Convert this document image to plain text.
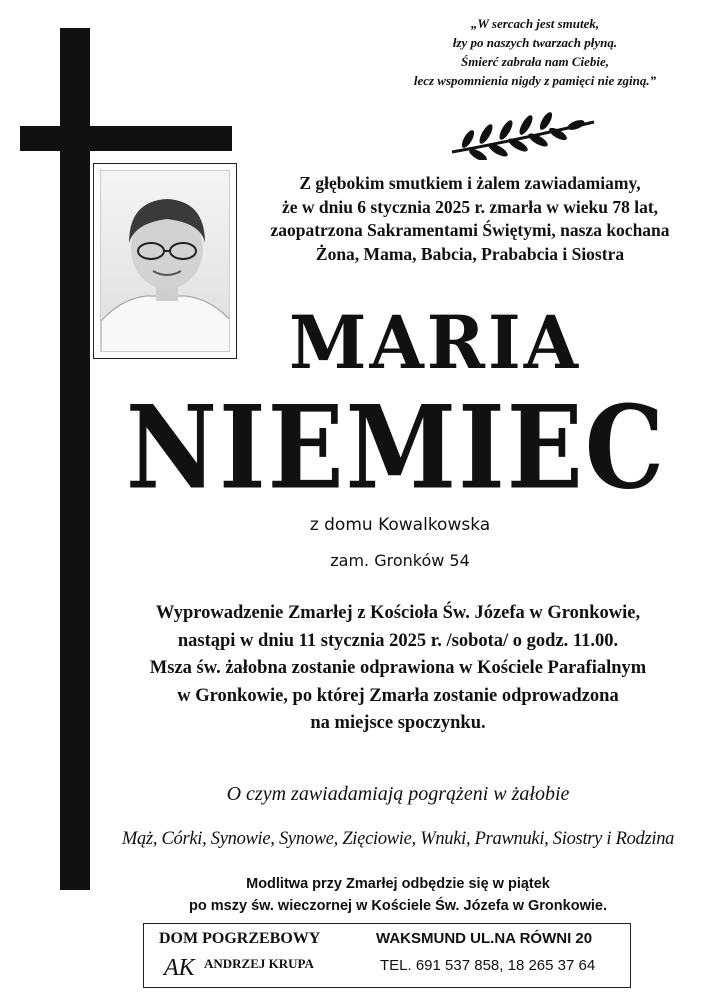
„W sercach jest smutek,
łzy po naszych twarzach płyną.
Śmierć zabrała nam Ciebie,
lecz wspomnienia nigdy z pamięci nie zginą.”
Z głębokim smutkiem i żalem zawiadamiamy,
że w dniu 6 stycznia 2025 r. zmarła w wieku 78 lat,
zaopatrzona Sakramentami Świętymi, nasza kochana
Żona, Mama, Babcia, Prababcia i Siostra
MARIA
NIEMIEC
z domu Kowalkowska
zam. Gronków 54
Wyprowadzenie Zmarłej z Kościoła Św. Józefa w Gronkowie,
nastąpi w dniu 11 stycznia 2025 r. /sobota/ o godz. 11.00.
Msza św. żałobna zostanie odprawiona w Kościele Parafialnym
w Gronkowie, po której Zmarła zostanie odprowadzona
na miejsce spoczynku.
O czym zawiadamiają pogrążeni w żałobie
Mąż, Córki, Synowie, Synowe, Zięciowie, Wnuki, Prawnuki, Siostry i Rodzina
Modlitwa przy Zmarłej odbędzie się w piątek
po mszy św. wieczornej w Kościele Św. Józefa w Gronkowie.
DOM POGRZEBOWY
AK ANDRZEJ KRUPA
WAKSMUND UL.NA RÓWNI 20
TEL. 691 537 858, 18 265 37 64
